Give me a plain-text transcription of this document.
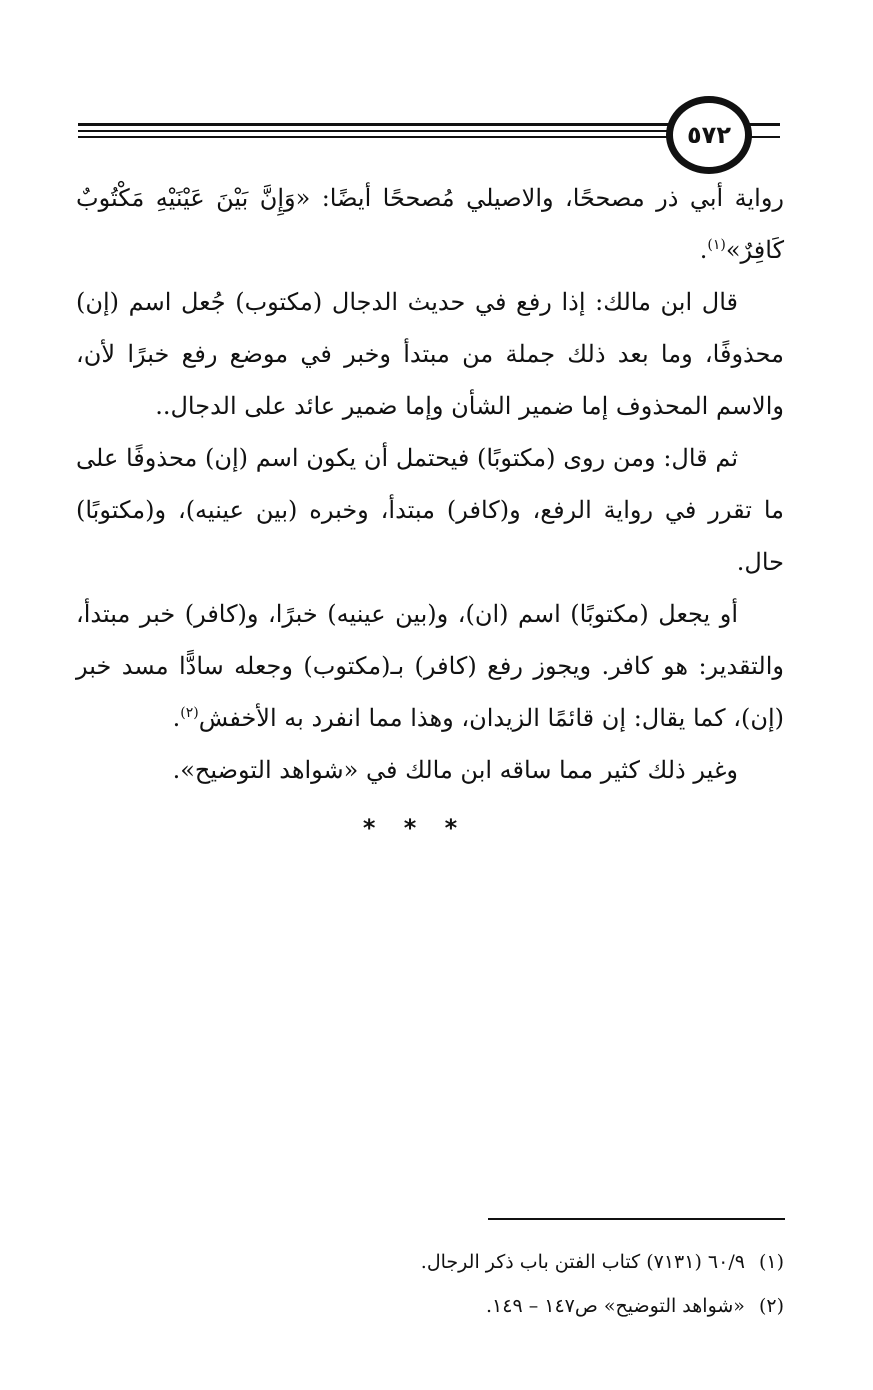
٥٧٢

رواية أبي ذر مصححًا، والاصيلي مُصححًا أيضًا: «وَإِنَّ بَيْنَ عَيْنَيْهِ مَكْتُوبٌ كَافِرٌ»$^{(١)}$.

قال ابن مالك: إذا رفع في حديث الدجال (مكتوب) جُعل اسم (إن) محذوفًا، وما بعد ذلك جملة من مبتدأ وخبر في موضع رفع خبرًا لأن، والاسم المحذوف إما ضمير الشأن وإما ضمير عائد على الدجال..

ثم قال: ومن روى (مكتوبًا) فيحتمل أن يكون اسم (إن) محذوفًا على ما تقرر في رواية الرفع، و(كافر) مبتدأ، وخبره (بين عينيه)، و(مكتوبًا) حال.

أو يجعل (مكتوبًا) اسم (ان)، و(بين عينيه) خبرًا، و(كافر) خبر مبتدأ، والتقدير: هو كافر. ويجوز رفع (كافر) بـ(مكتوب) وجعله سادًّا مسد خبر (إن)، كما يقال: إن قائمًا الزيدان، وهذا مما انفرد به الأخفش$^{(٢)}$.

وغير ذلك كثير مما ساقه ابن مالك في «شواهد التوضيح».

* * *

(١)٦٠/٩ (٧١٣١) كتاب الفتن باب ذكر الرجال.

(٢)«شواهد التوضيح» ص١٤٧ – ١٤٩.
